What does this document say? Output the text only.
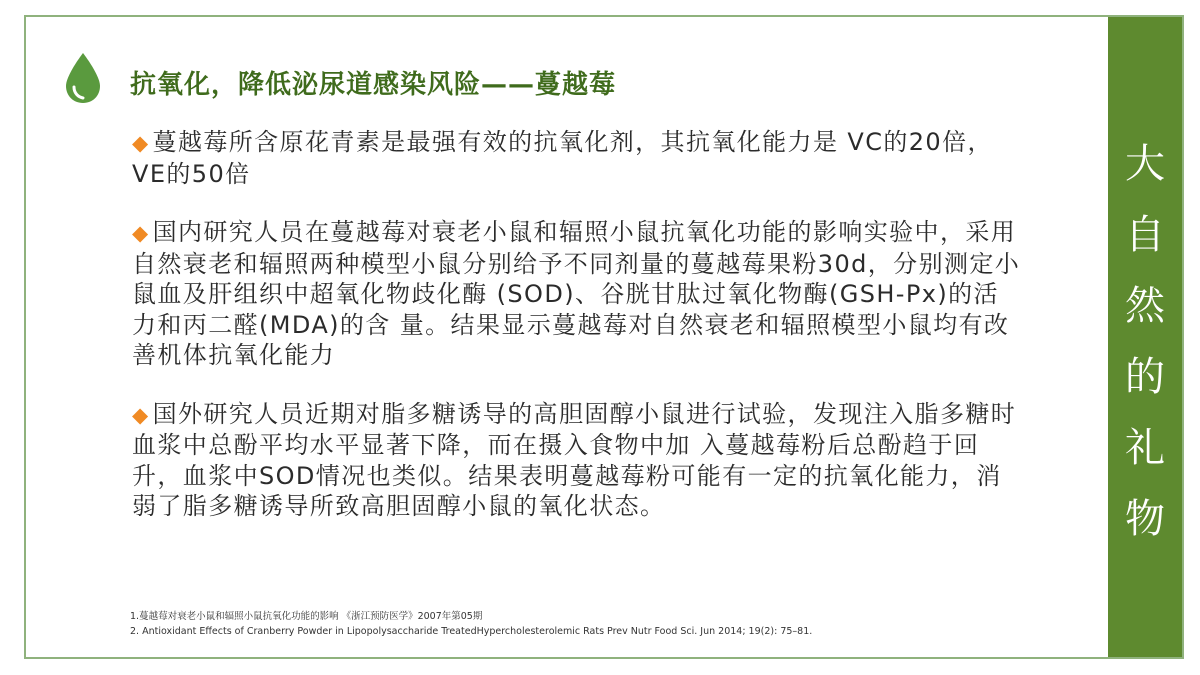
抗氧化，降低泌尿道感染风险——蔓越莓

◆ 蔓越莓所含原花青素是最强有效的抗氧化剂，其抗氧化能力是 VC的20倍，VE的50倍

◆ 国内研究人员在蔓越莓对衰老小鼠和辐照小鼠抗氧化功能的影响实验中，采用自然衰老和辐照两种模型小鼠分别给予不同剂量的蔓越莓果粉30d，分别测定小鼠血及肝组织中超氧化物歧化酶 (SOD)、谷胱甘肽过氧化物酶(GSH-Px)的活力和丙二醛(MDA)的含 量。结果显示蔓越莓对自然衰老和辐照模型小鼠均有改善机体抗氧化能力

◆ 国外研究人员近期对脂多糖诱导的高胆固醇小鼠进行试验，发现注入脂多糖时血浆中总酚平均水平显著下降，而在摄入食物中加 入蔓越莓粉后总酚趋于回升，血浆中SOD情况也类似。结果表明蔓越莓粉可能有一定的抗氧化能力，消弱了脂多糖诱导所致高胆固醇小鼠的氧化状态。

1.蔓越莓对衰老小鼠和辐照小鼠抗氧化功能的影响 《浙江预防医学》2007年第05期

2. Antioxidant Effects of Cranberry Powder in Lipopolysaccharide TreatedHypercholesterolemic Rats Prev Nutr Food Sci. Jun 2014; 19(2): 75–81.

大
自
然
的
礼
物
